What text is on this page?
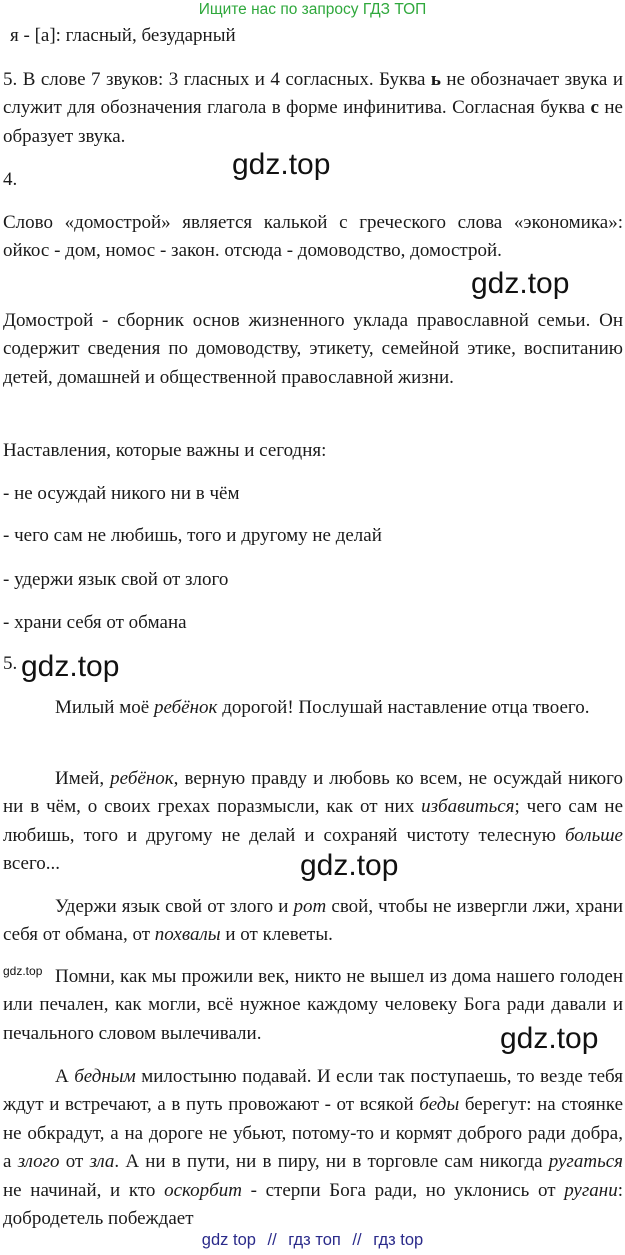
Ищите нас по запросу ГДЗ ТОП
я - [а]: гласный, безударный

5. В слове 7 звуков: 3 гласных и 4 согласных. Буква ь не обозначает звука и служит для обозначения глагола в форме инфинитива. Согласная буква с не образует звука.

4.	gdz.top

Слово «домострой» является калькой с греческого слова «экономика»: ойкос - дом, номос - закон. отсюда - домоводство, домострой.

gdz.top

Домострой - сборник основ жизненного уклада православной семьи. Он содержит сведения по домоводству, этикету, семейной этике, воспитанию детей, домашней и общественной православной жизни.

Наставления, которые важны и сегодня:
- не осуждай никого ни в чём
- чего сам не любишь, того и другому не делай
- удержи язык свой от злого
- храни себя от обмана
5. gdz.top

Милый моё ребёнок дорогой! Послушай наставление отца твоего.

Имей, ребёнок, верную правду и любовь ко всем, не осуждай никого ни в чём, о своих грехах поразмысли, как от них избавиться; чего сам не любишь, того и другому не делай и сохраняй чистоту телесную больше всего...	gdz.top

Удержи язык свой от злого и рот свой, чтобы не извергли лжи, храни себя от обмана, от похвалы и от клеветы.

gdz.top Помни, как мы прожили век, никто не вышел из дома нашего голоден или печален, как могли, всё нужное каждому человеку Бога ради давали и печального словом вылечивали.	gdz.top

А бедным милостыню подавай. И если так поступаешь, то везде тебя ждут и встречают, а в путь провожают - от всякой беды берегут: на стоянке не обкрадут, а на дороге не убьют, потому-то и кормят доброго ради добра, а злого от зла. А ни в пути, ни в пиру, ни в торговле сам никогда ругаться не начинай, и кто оскорбит - стерпи Бога ради, но уклонись от ругани: добродетель побеждает

gdz top // гдз топ // гдз top
